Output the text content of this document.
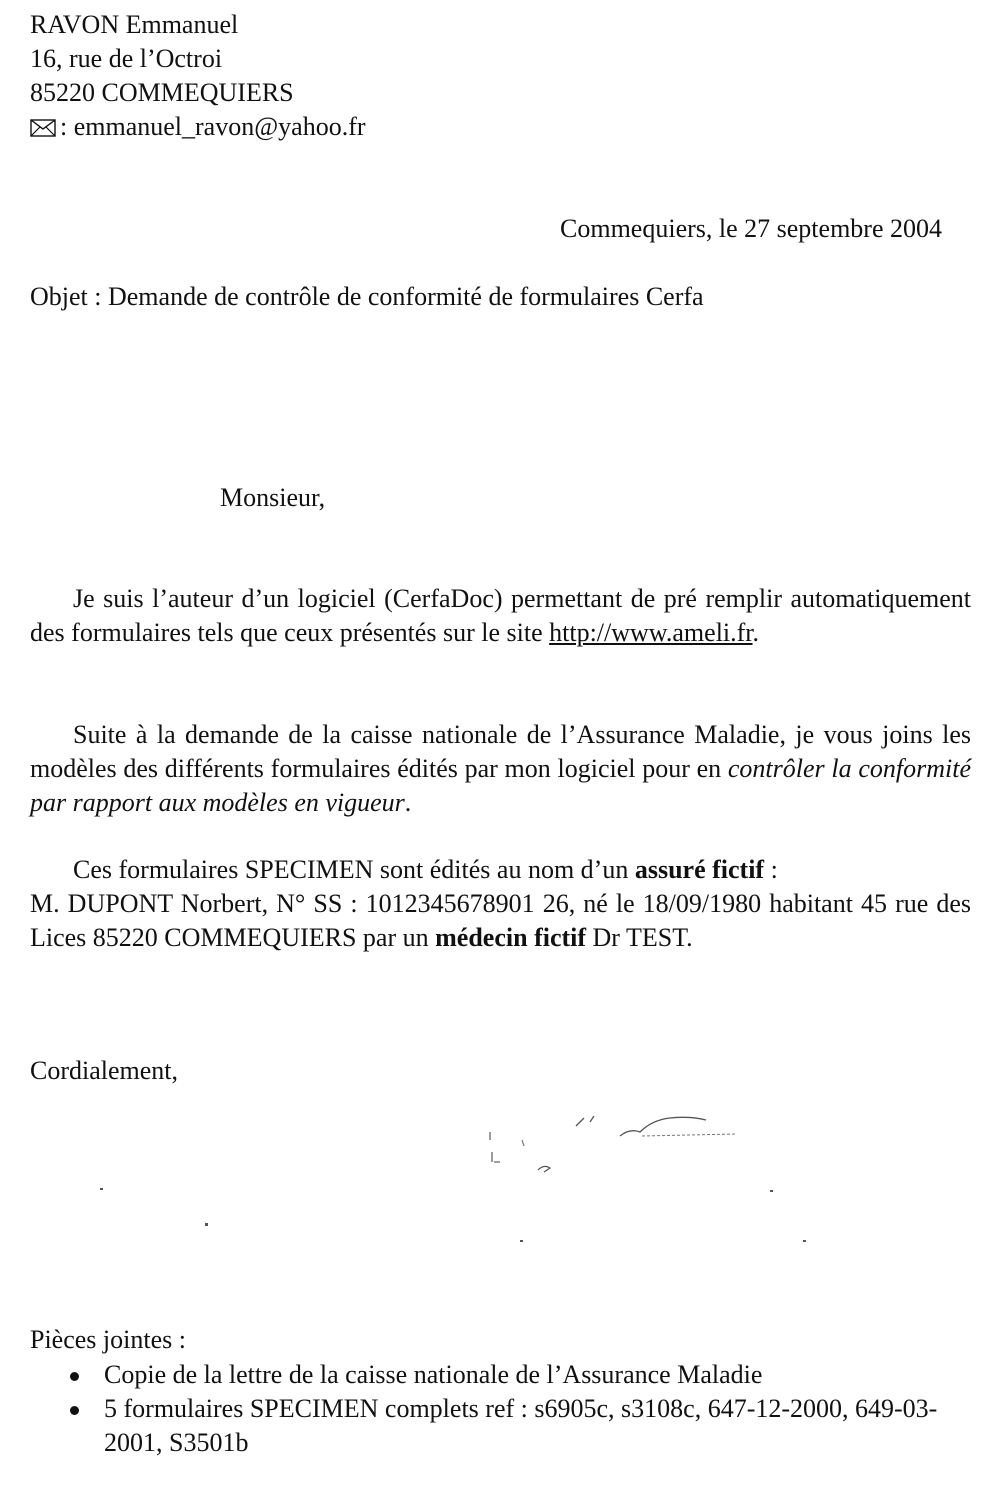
RAVON Emmanuel
16, rue de l’Octroi
85220 COMMEQUIERS
: emmanuel_ravon@yahoo.fr
Commequiers, le 27 septembre 2004
Objet : Demande de contrôle de conformité de formulaires Cerfa
Monsieur,
Je suis l’auteur d’un logiciel (CerfaDoc) permettant de pré remplir automatiquement des formulaires tels que ceux présentés sur le site http://www.ameli.fr.
Suite à la demande de la caisse nationale de l’Assurance Maladie, je vous joins les modèles des différents formulaires édités par mon logiciel pour en contrôler la conformité par rapport aux modèles en vigueur.
Ces formulaires SPECIMEN sont édités au nom d’un assuré fictif :
M. DUPONT Norbert, N° SS : 1012345678901 26, né le 18/09/1980 habitant 45 rue des Lices 85220 COMMEQUIERS par un médecin fictif Dr TEST.
Cordialement,
Pièces jointes :
Copie de la lettre de la caisse nationale de l’Assurance Maladie
5 formulaires SPECIMEN complets ref : s6905c, s3108c, 647-12-2000, 649-03-2001, S3501b
